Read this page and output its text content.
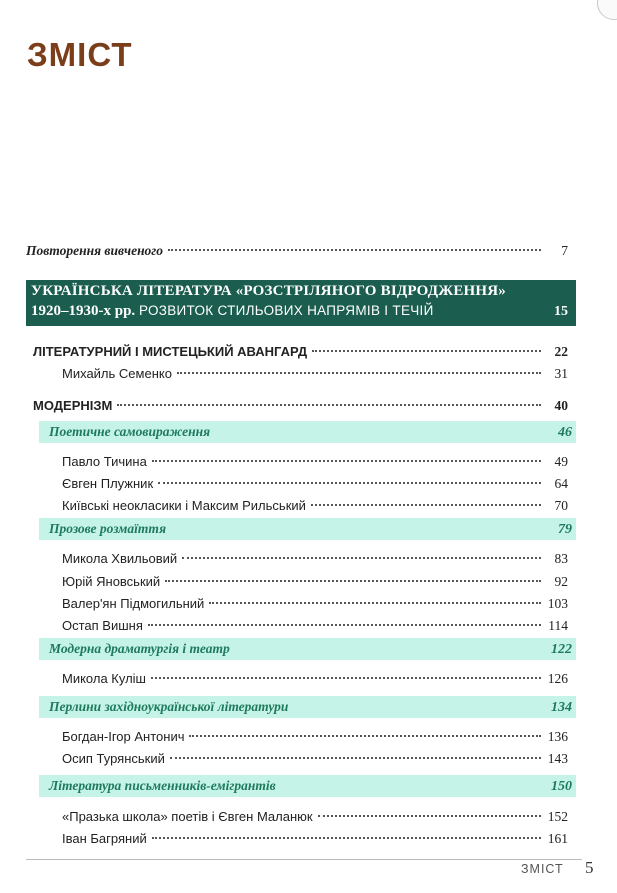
ЗМІСТ
Повторення вивченого	7
УКРАЇНСЬКА ЛІТЕРАТУРА «РОЗСТРІЛЯНОГО ВІДРОДЖЕННЯ»
1920–1930-х рр. РОЗВИТОК СТИЛЬОВИХ НАПРЯМІВ І ТЕЧІЙ	15
ЛІТЕРАТУРНИЙ І МИСТЕЦЬКИЙ АВАНГАРД	22
Михайль Семенко	31
МОДЕРНІЗМ	40
Поетичне самовираження	46
Павло Тичина	49
Євген Плужник	64
Київські неокласики і Максим Рильський	70
Прозове розмаїття	79
Микола Хвильовий	83
Юрій Яновський	92
Валер'ян Підмогильний	103
Остап Вишня	114
Модерна драматургія і театр	122
Микола Куліш	126
Перлини західноукраїнської літератури	134
Богдан-Ігор Антонич	136
Осип Турянський	143
Література письменників-емігрантів	150
«Празька школа» поетів і Євген Маланюк	152
Іван Багряний	161
ЗМІСТ 5
